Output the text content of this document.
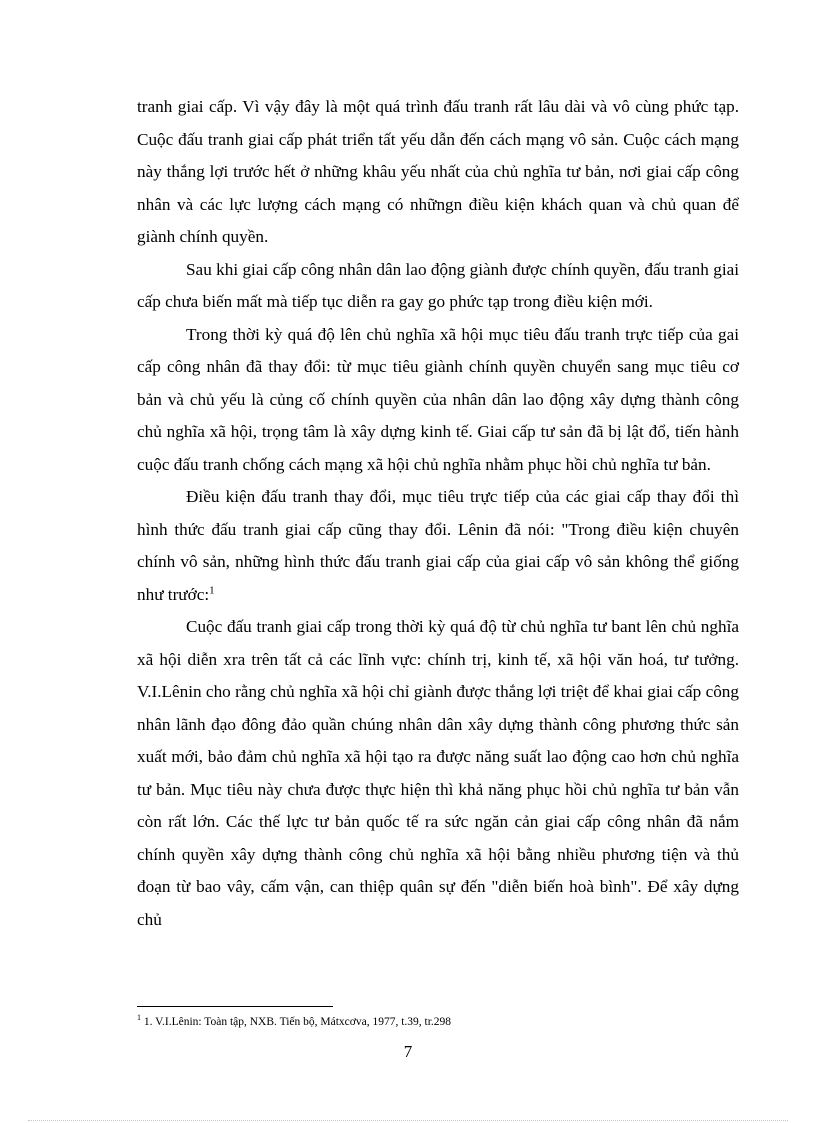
tranh giai cấp. Vì vậy đây là một quá trình đấu tranh rất lâu dài và vô cùng phức tạp. Cuộc đấu tranh giai cấp phát triển tất yếu dẫn đến cách mạng vô sản. Cuộc cách mạng này thắng lợi trước hết ở những khâu yếu nhất của chủ nghĩa tư bản, nơi giai cấp công nhân và các lực lượng cách mạng có nhữngn điều kiện khách quan và chủ quan để giành chính quyền.

Sau khi giai cấp công nhân dân lao động giành được chính quyền, đấu tranh giai cấp chưa biến mất mà tiếp tục diễn ra gay go phức tạp trong điều kiện mới.

Trong thời kỳ quá độ lên chủ nghĩa xã hội mục tiêu đấu tranh trực tiếp của gai cấp công nhân đã thay đổi: từ mục tiêu giành chính quyền chuyển sang mục tiêu cơ bản và chủ yếu là củng cố chính quyền của nhân dân lao động xây dựng thành công chủ nghĩa xã hội, trọng tâm là xây dựng kinh tế. Giai cấp tư sản đã bị lật đổ, tiến hành cuộc đấu tranh chống cách mạng xã hội chủ nghĩa nhằm phục hồi chủ nghĩa tư bản.

Điều kiện đấu tranh thay đổi, mục tiêu trực tiếp của các giai cấp thay đổi thì hình thức đấu tranh giai cấp cũng thay đổi. Lênin đã nói: "Trong điều kiện chuyên chính vô sản, những hình thức đấu tranh giai cấp của giai cấp vô sản không thể giống như trước:$^1$

Cuộc đấu tranh giai cấp trong thời kỳ quá độ từ chủ nghĩa tư bant lên chủ nghĩa xã hội diễn xra trên tất cả các lĩnh vực: chính trị, kinh tế, xã hội văn hoá, tư tưởng. V.I.Lênin cho rằng chủ nghĩa xã hội chỉ giành được thắng lợi triệt để khai giai cấp công nhân lãnh đạo đông đảo quần chúng nhân dân xây dựng thành công phương thức sản xuất mới, bảo đảm chủ nghĩa xã hội tạo ra được năng suất lao động cao hơn chủ nghĩa tư bản. Mục tiêu này chưa được thực hiện thì khả năng phục hồi chủ nghĩa tư bản vẫn còn rất lớn. Các thế lực tư bản quốc tế ra sức ngăn cản giai cấp công nhân đã nắm chính quyền xây dựng thành công chủ nghĩa xã hội bằng nhiều phương tiện và thủ đoạn từ bao vây, cấm vận, can thiệp quân sự đến "diễn biến hoà bình". Để xây dựng chủ

$^1$ 1. V.I.Lênin: Toàn tập, NXB. Tiến bộ, Mátxcơva, 1977, t.39, tr.298
7
